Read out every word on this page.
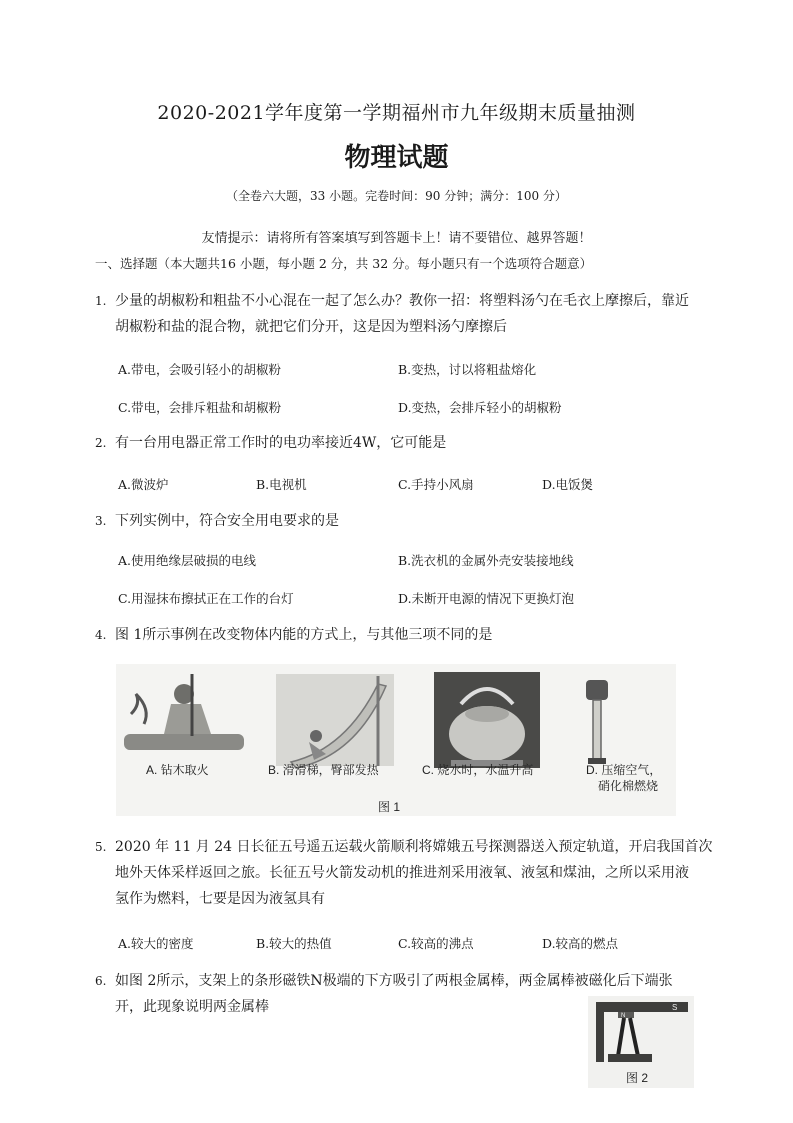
2020-2021学年度第一学期福州市九年级期末质量抽测
物理试题
（全卷六大题，33 小题。完卷时间：90 分钟；满分：100 分）
友情提示：请将所有答案填写到答题卡上！请不要错位、越界答题！
一、选择题（本大题共16 小题，每小题 2 分，共 32 分。每小题只有一个选项符合题意）
1. 少量的胡椒粉和粗盐不小心混在一起了怎么办？教你一招：将塑料汤勺在毛衣上摩擦后，靠近
胡椒粉和盐的混合物，就把它们分开，这是因为塑料汤勺摩擦后
A.带电，会吸引轻小的胡椒粉	B.变热，讨以将粗盐熔化
C.带电，会排斥粗盐和胡椒粉	D.变热，会排斥轻小的胡椒粉
2. 有一台用电器正常工作时的电功率接近4W，它可能是
A.微波炉	B.电视机	C.手持小风扇	D.电饭煲
3. 下列实例中，符合安全用电要求的是
A.使用绝缘层破损的电线	B.洗衣机的金属外壳安装接地线
C.用湿抹布擦拭正在工作的台灯	D.未断开电源的情况下更换灯泡
4. 图 1所示事例在改变物体内能的方式上，与其他三项不同的是
A. 钻木取火	B. 滑滑梯，臀部发热	C. 烧水时，水温升高	D. 压缩空气，
硝化棉燃烧
图 1
5. 2020 年 11 月 24 日长征五号遥五运载火箭顺利将嫦娥五号探测器送入预定轨道，开启我国首次
地外天体采样返回之旅。长征五号火箭发动机的推进剂采用液氧、液氢和煤油，之所以采用液
氢作为燃料，七要是因为液氢具有
A.较大的密度	B.较大的热值	C.较高的沸点	D.较高的燃点
6. 如图 2所示，支架上的条形磁铁N极端的下方吸引了两根金属棒，两金属棒被磁化后下端张
开，此现象说明两金属棒	S
N
图 2
